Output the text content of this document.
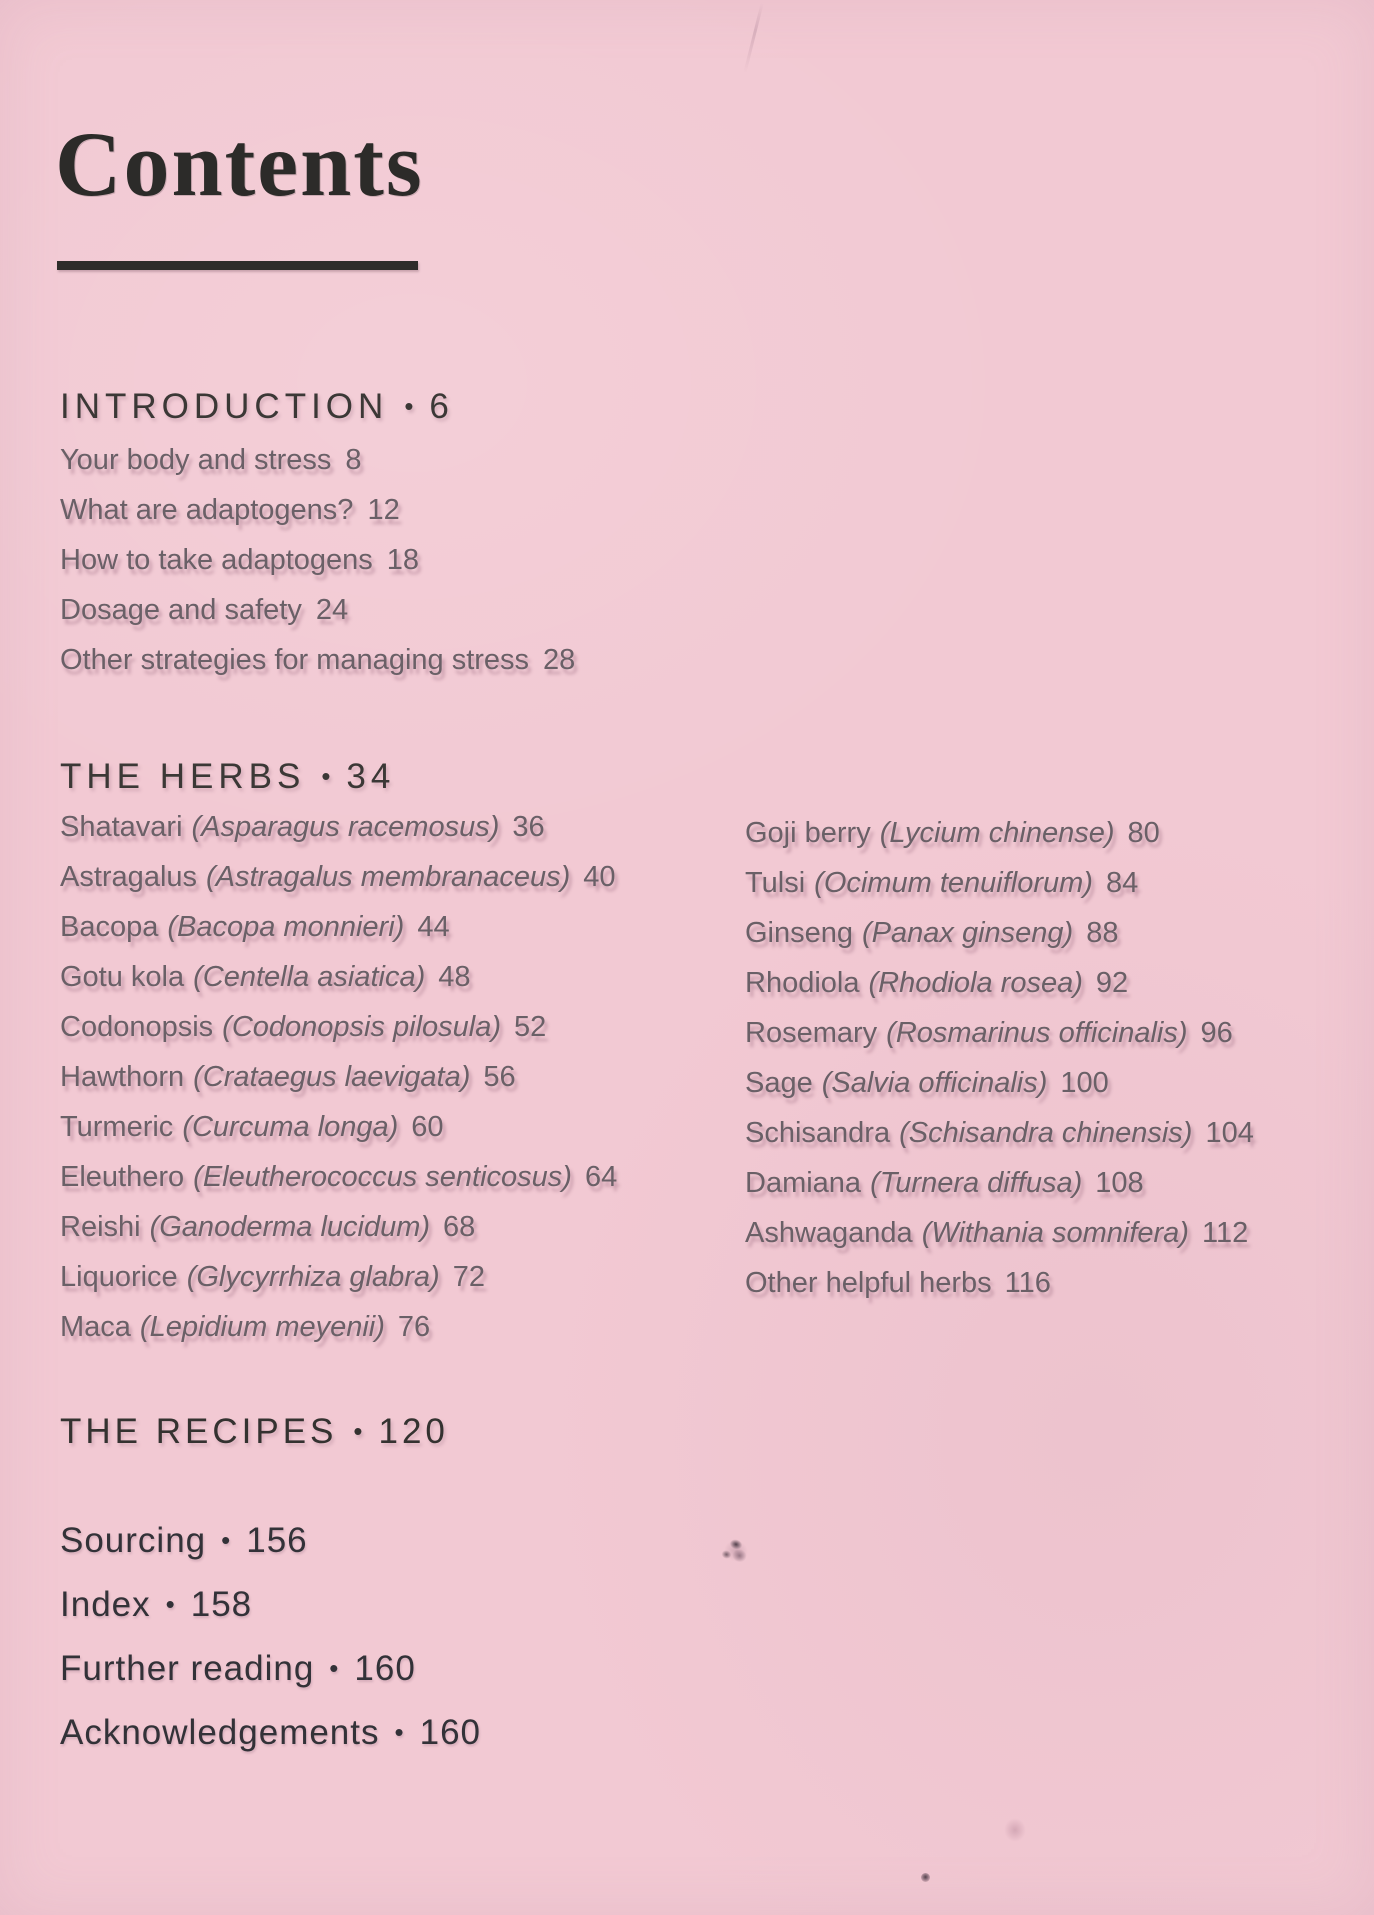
Contents
INTRODUCTION • 6
Your body and stress 8
What are adaptogens? 12
How to take adaptogens 18
Dosage and safety 24
Other strategies for managing stress 28
THE HERBS • 34
Shatavari (Asparagus racemosus) 36
Astragalus (Astragalus membranaceus) 40
Bacopa (Bacopa monnieri) 44
Gotu kola (Centella asiatica) 48
Codonopsis (Codonopsis pilosula) 52
Hawthorn (Crataegus laevigata) 56
Turmeric (Curcuma longa) 60
Eleuthero (Eleutherococcus senticosus) 64
Reishi (Ganoderma lucidum) 68
Liquorice (Glycyrrhiza glabra) 72
Maca (Lepidium meyenii) 76
Goji berry (Lycium chinense) 80
Tulsi (Ocimum tenuiflorum) 84
Ginseng (Panax ginseng) 88
Rhodiola (Rhodiola rosea) 92
Rosemary (Rosmarinus officinalis) 96
Sage (Salvia officinalis) 100
Schisandra (Schisandra chinensis) 104
Damiana (Turnera diffusa) 108
Ashwaganda (Withania somnifera) 112
Other helpful herbs 116
THE RECIPES • 120
Sourcing • 156
Index • 158
Further reading • 160
Acknowledgements • 160
